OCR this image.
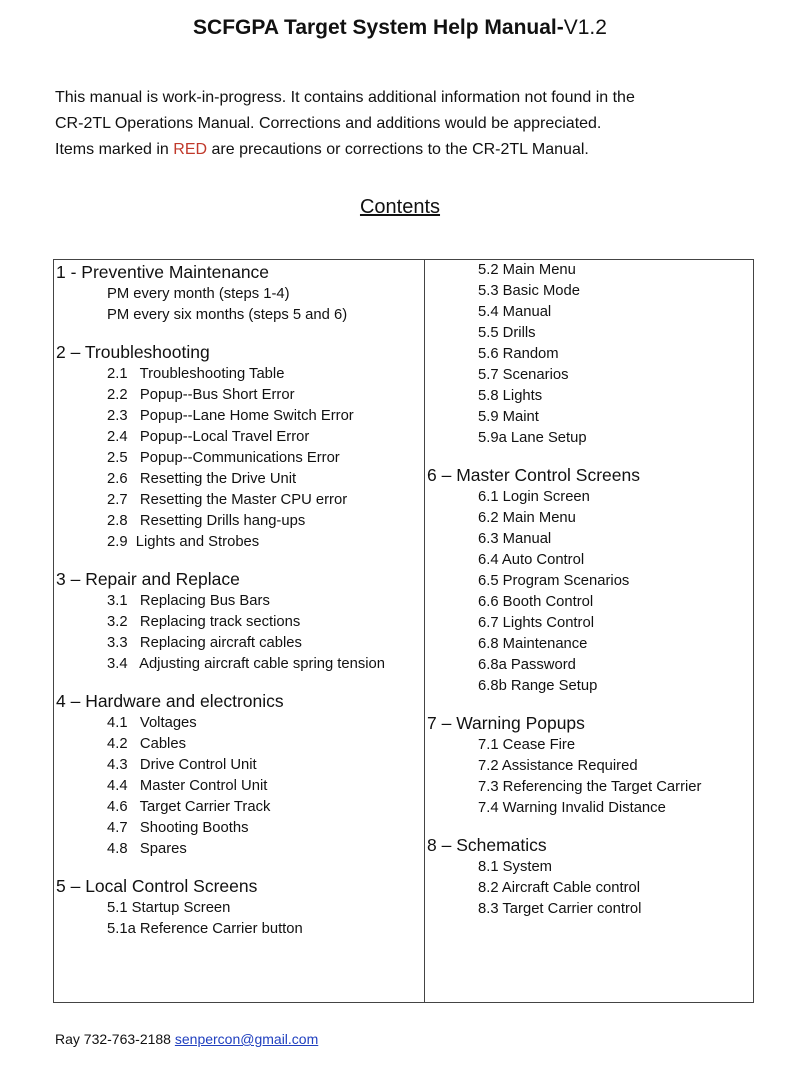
SCFGPA Target System Help Manual-V1.2
This manual is work-in-progress. It contains additional information not found in the
CR-2TL Operations Manual. Corrections and additions would be appreciated.
Items marked in RED are precautions or corrections to the CR-2TL Manual.
Contents
1 - Preventive Maintenance
PM every month (steps 1-4)
PM every six months (steps 5 and 6)
2 – Troubleshooting
2.1   Troubleshooting Table
2.2   Popup--Bus Short Error
2.3   Popup--Lane Home Switch Error
2.4   Popup--Local Travel Error
2.5   Popup--Communications Error
2.6   Resetting the Drive Unit
2.7   Resetting the Master CPU error
2.8   Resetting Drills hang-ups
2.9  Lights and Strobes
3 – Repair and Replace
3.1   Replacing Bus Bars
3.2   Replacing track sections
3.3   Replacing aircraft cables
3.4   Adjusting aircraft cable spring tension
4 – Hardware and electronics
4.1   Voltages
4.2   Cables
4.3   Drive Control Unit
4.4   Master Control Unit
4.6   Target Carrier Track
4.7   Shooting Booths
4.8   Spares
5 – Local Control Screens
5.1 Startup Screen
5.1a Reference Carrier button
5.2 Main Menu
5.3 Basic Mode
5.4 Manual
5.5 Drills
5.6 Random
5.7 Scenarios
5.8 Lights
5.9 Maint
5.9a Lane Setup
6 – Master Control Screens
6.1 Login Screen
6.2 Main Menu
6.3 Manual
6.4 Auto Control
6.5 Program Scenarios
6.6 Booth Control
6.7 Lights Control
6.8 Maintenance
6.8a Password
6.8b Range Setup
7 – Warning Popups
7.1 Cease Fire
7.2 Assistance Required
7.3 Referencing the Target Carrier
7.4 Warning Invalid Distance
8 – Schematics
8.1 System
8.2 Aircraft Cable control
8.3 Target Carrier control
Ray 732-763-2188 senpercon@gmail.com
